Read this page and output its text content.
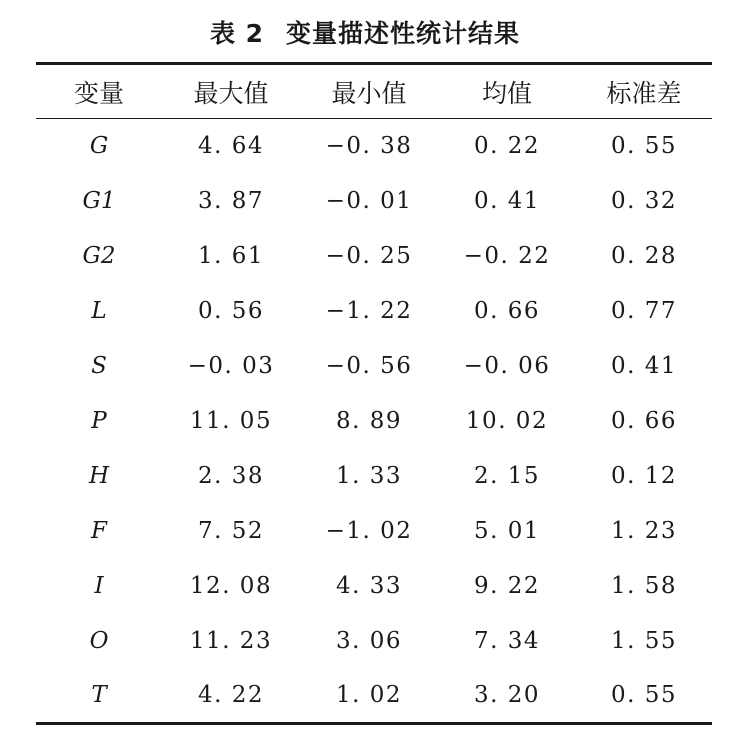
表 2 变量描述性统计结果
变量	最大值	最小值	均值	标准差
G	4. 64	−0. 38	0. 22	0. 55
G1	3. 87	−0. 01	0. 41	0. 32
G2	1. 61	−0. 25	−0. 22	0. 28
L	0. 56	−1. 22	0. 66	0. 77
S	−0. 03	−0. 56	−0. 06	0. 41
P	11. 05	8. 89	10. 02	0. 66
H	2. 38	1. 33	2. 15	0. 12
F	7. 52	−1. 02	5. 01	1. 23
I	12. 08	4. 33	9. 22	1. 58
O	11. 23	3. 06	7. 34	1. 55
T	4. 22	1. 02	3. 20	0. 55
